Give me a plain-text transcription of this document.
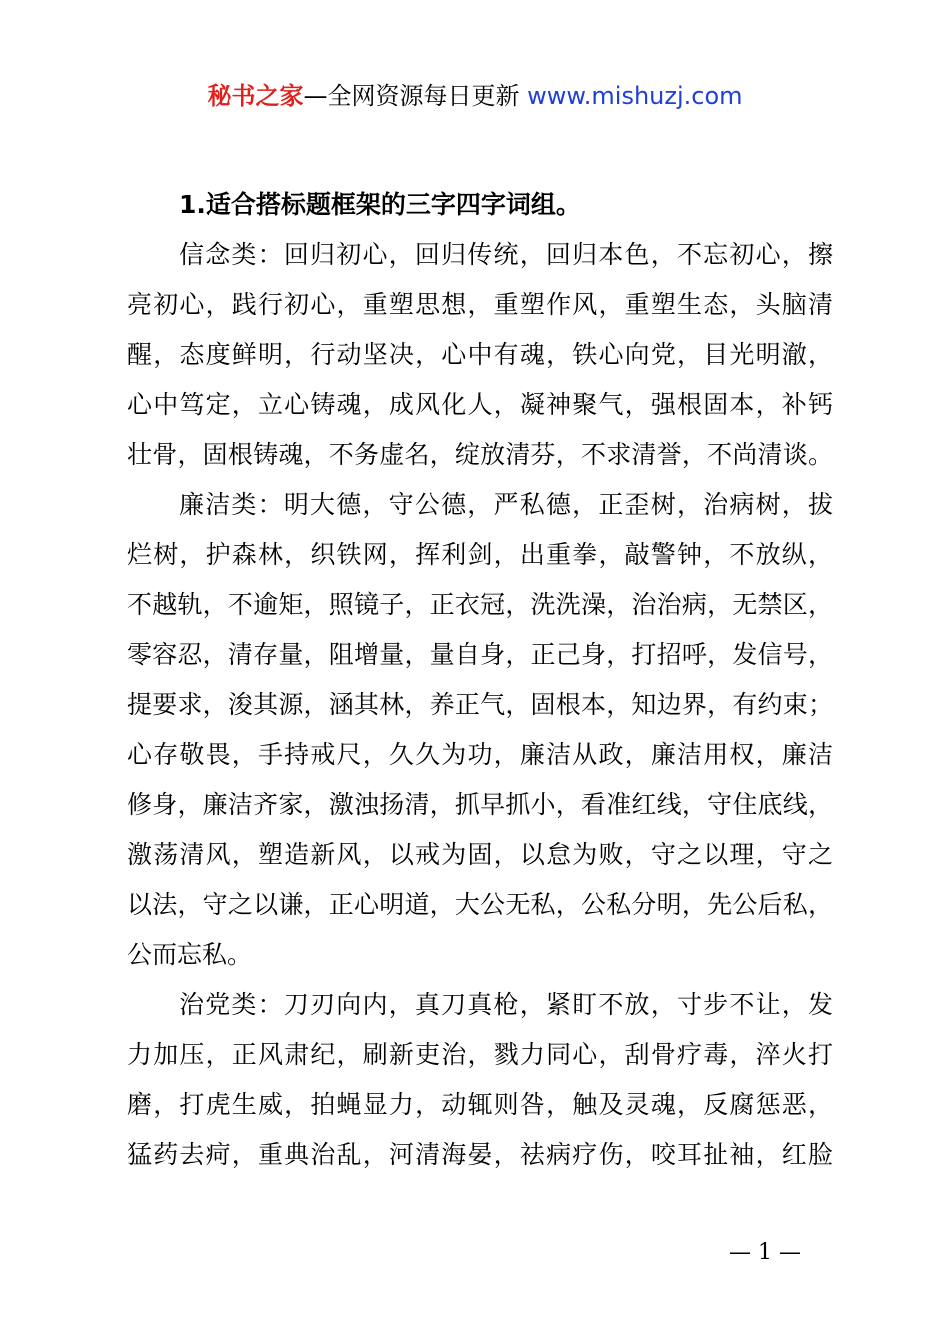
秘书之家—全网资源每日更新 www.mishuzj.com
1.适合搭标题框架的三字四字词组。
信念类：回归初心，回归传统，回归本色，不忘初心，擦
亮初心，践行初心，重塑思想，重塑作风，重塑生态，头脑清
醒，态度鲜明，行动坚决，心中有魂，铁心向党，目光明澈，
心中笃定，立心铸魂，成风化人，凝神聚气，强根固本，补钙
壮骨，固根铸魂，不务虚名，绽放清芬，不求清誉，不尚清谈。
廉洁类：明大德，守公德，严私德，正歪树，治病树，拔
烂树，护森林，织铁网，挥利剑，出重拳，敲警钟，不放纵，
不越轨，不逾矩，照镜子，正衣冠，洗洗澡，治治病，无禁区，
零容忍，清存量，阻增量，量自身，正己身，打招呼，发信号，
提要求，浚其源，涵其林，养正气，固根本，知边界，有约束；
心存敬畏，手持戒尺，久久为功，廉洁从政，廉洁用权，廉洁
修身，廉洁齐家，激浊扬清，抓早抓小，看准红线，守住底线，
激荡清风，塑造新风，以戒为固，以怠为败，守之以理，守之
以法，守之以谦，正心明道，大公无私，公私分明，先公后私，
公而忘私。
治党类：刀刃向内，真刀真枪，紧盯不放，寸步不让，发
力加压，正风肃纪，刷新吏治，戮力同心，刮骨疗毒，淬火打
磨，打虎生威，拍蝇显力，动辄则咎，触及灵魂，反腐惩恶，
猛药去疴，重典治乱，河清海晏，祛病疗伤，咬耳扯袖，红脸
— 1 —
